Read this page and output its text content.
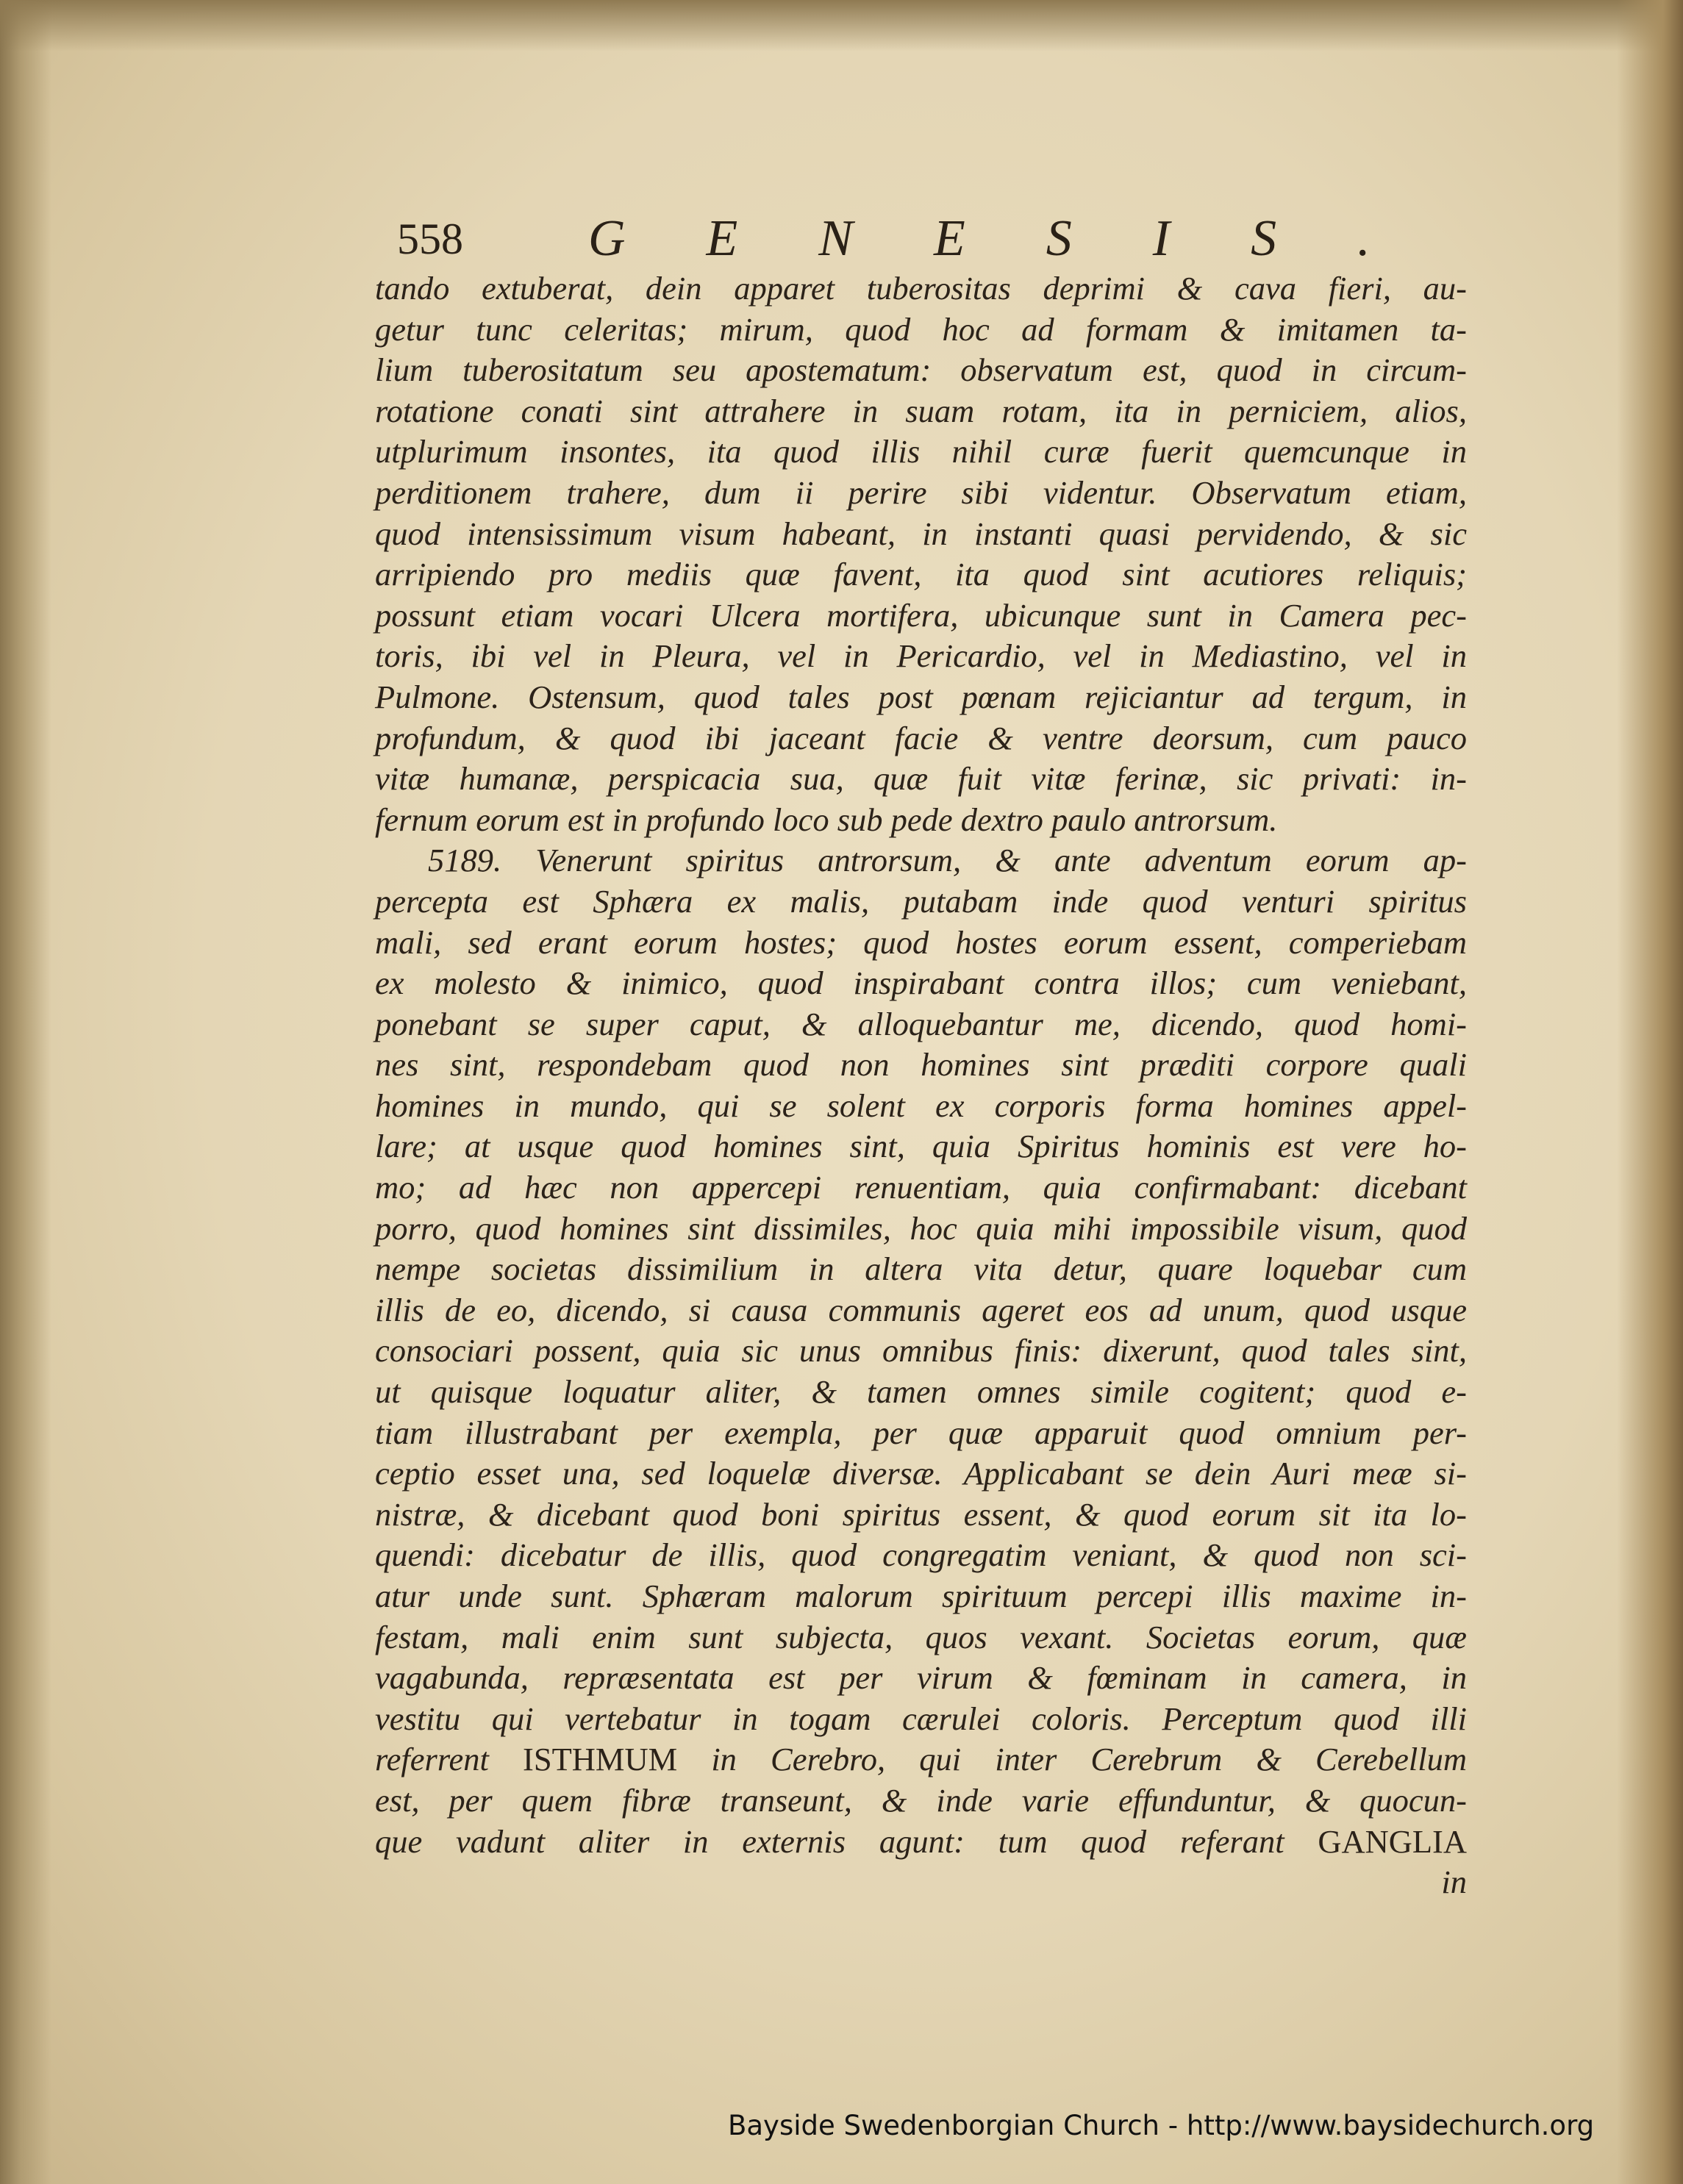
558 GENESIS.
tando extuberat, dein apparet tuberositas deprimi & cava fieri, au-
getur tunc celeritas; mirum, quod hoc ad formam & imitamen ta-
lium tuberositatum seu apostematum: observatum est, quod in circum-
rotatione conati sint attrahere in suam rotam, ita in perniciem, alios,
utplurimum insontes, ita quod illis nihil curæ fuerit quemcunque in
perditionem trahere, dum ii perire sibi videntur. Observatum etiam,
quod intensissimum visum habeant, in instanti quasi pervidendo, & sic
arripiendo pro mediis quæ favent, ita quod sint acutiores reliquis;
possunt etiam vocari Ulcera mortifera, ubicunque sunt in Camera pec-
toris, ibi vel in Pleura, vel in Pericardio, vel in Mediastino, vel in
Pulmone. Ostensum, quod tales post pœnam rejiciantur ad tergum, in
profundum, & quod ibi jaceant facie & ventre deorsum, cum pauco
vitæ humanæ, perspicacia sua, quæ fuit vitæ ferinæ, sic privati: in-
fernum eorum est in profundo loco sub pede dextro paulo antrorsum.
5189. Venerunt spiritus antrorsum, & ante adventum eorum ap-
percepta est Sphæra ex malis, putabam inde quod venturi spiritus
mali, sed erant eorum hostes; quod hostes eorum essent, comperiebam
ex molesto & inimico, quod inspirabant contra illos; cum veniebant,
ponebant se super caput, & alloquebantur me, dicendo, quod homi-
nes sint, respondebam quod non homines sint præditi corpore quali
homines in mundo, qui se solent ex corporis forma homines appel-
lare; at usque quod homines sint, quia Spiritus hominis est vere ho-
mo; ad hæc non appercepi renuentiam, quia confirmabant: dicebant
porro, quod homines sint dissimiles, hoc quia mihi impossibile visum, quod
nempe societas dissimilium in altera vita detur, quare loquebar cum
illis de eo, dicendo, si causa communis ageret eos ad unum, quod usque
consociari possent, quia sic unus omnibus finis: dixerunt, quod tales sint,
ut quisque loquatur aliter, & tamen omnes simile cogitent; quod e-
tiam illustrabant per exempla, per quæ apparuit quod omnium per-
ceptio esset una, sed loquelæ diversæ. Applicabant se dein Auri meæ si-
nistræ, & dicebant quod boni spiritus essent, & quod eorum sit ita lo-
quendi: dicebatur de illis, quod congregatim veniant, & quod non sci-
atur unde sunt. Sphæram malorum spirituum percepi illis maxime in-
festam, mali enim sunt subjecta, quos vexant. Societas eorum, quæ
vagabunda, repræsentata est per virum & fœminam in camera, in
vestitu qui vertebatur in togam cærulei coloris. Perceptum quod illi
referrent ISTHMUM in Cerebro, qui inter Cerebrum & Cerebellum
est, per quem fibræ transeunt, & inde varie effunduntur, & quocun-
que vadunt aliter in externis agunt: tum quod referant GANGLIA
in
Bayside Swedenborgian Church - http://www.baysidechurch.org
